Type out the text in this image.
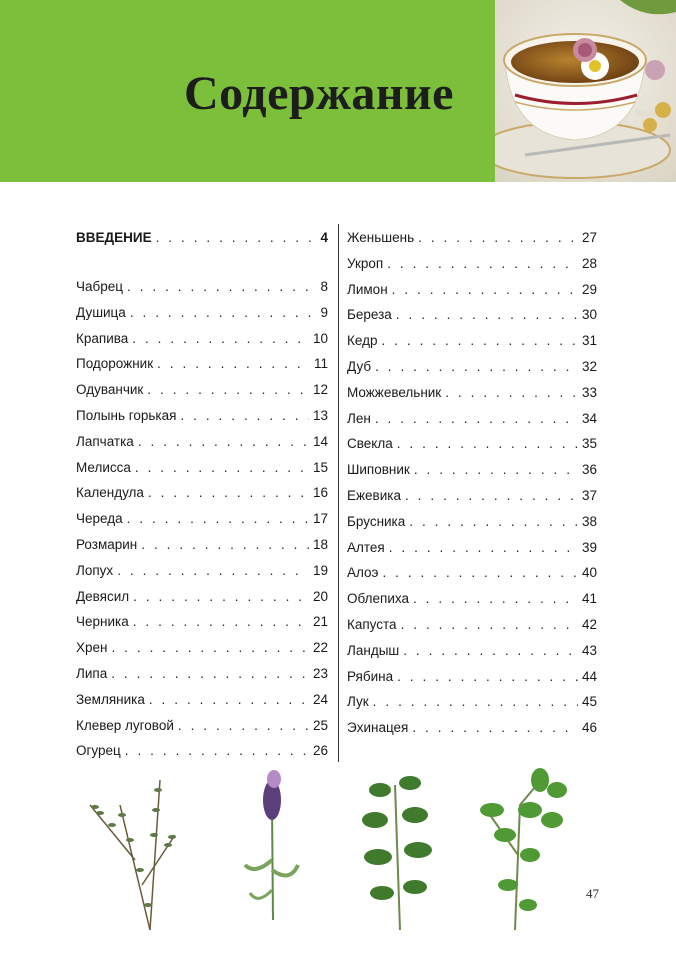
Содержание
ВВЕДЕНИЕ . . .	4
Чабрец . . .	8
Душица . . .	9
Крапива . . .	10
Подорожник . . .	11
Одуванчик . . .	12
Полынь горькая . . .	13
Лапчатка . . .	14
Мелисса . . .	15
Календула . . .	16
Череда . . .	17
Розмарин . . .	18
Лопух . . .	19
Девясил . . .	20
Черника . . .	21
Хрен . . .	22
Липа . . .	23
Земляника . . .	24
Клевер луговой . . .	25
Огурец . . .	26
Женьшень . . .	27
Укроп . . .	28
Лимон . . .	29
Береза . . .	30
Кедр . . .	31
Дуб . . .	32
Можжевельник . . .	33
Лен . . .	34
Свекла . . .	35
Шиповник . . .	36
Ежевика . . .	37
Брусника . . .	38
Алтея . . .	39
Алоэ . . .	40
Облепиха . . .	41
Капуста . . .	42
Ландыш . . .	43
Рябина . . .	44
Лук . . .	45
Эхинацея . . .	46
47
